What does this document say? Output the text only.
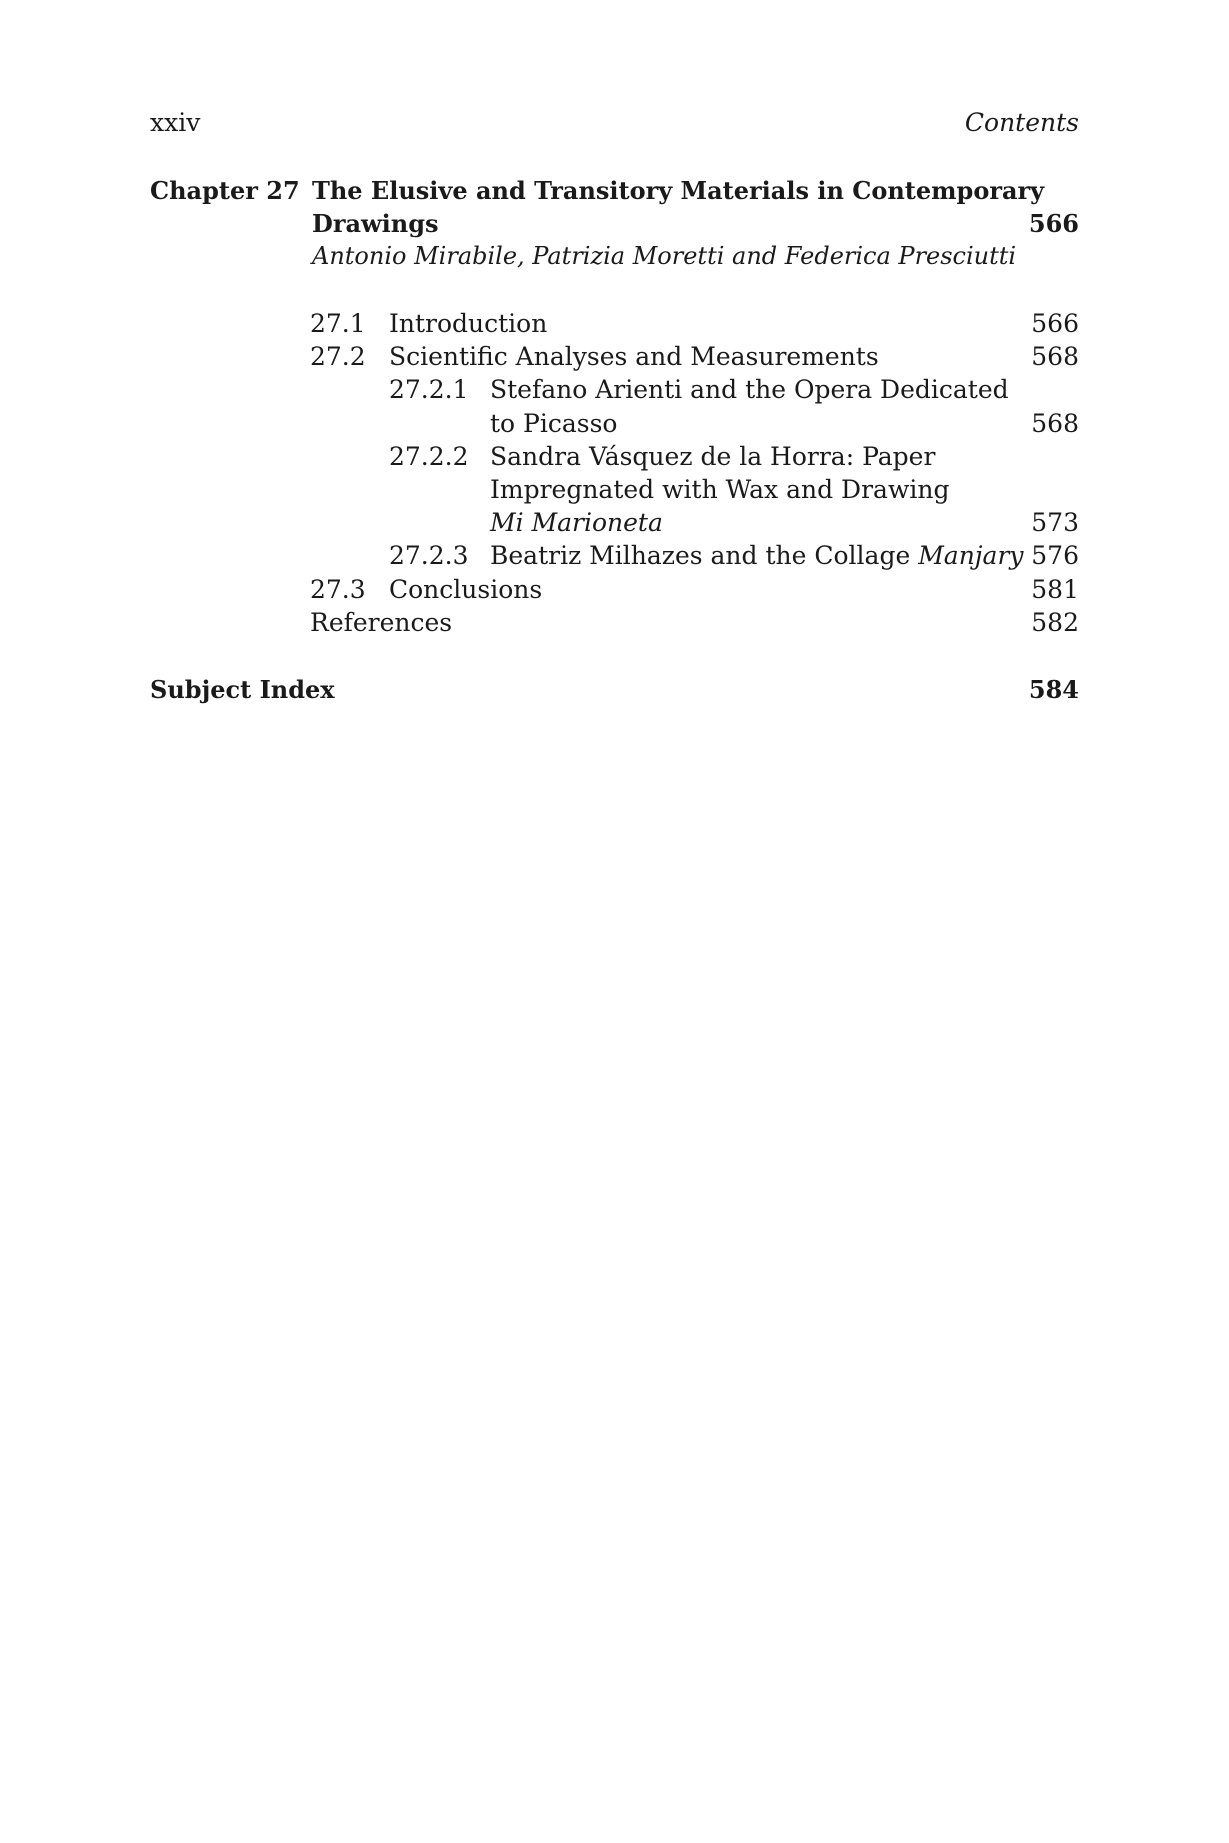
xxiv	Contents
Chapter 27 The Elusive and Transitory Materials in Contemporary
Drawings	566
Antonio Mirabile, Patrizia Moretti and Federica Presciutti
27.1 Introduction	566
27.2 Scientific Analyses and Measurements	568
27.2.1 Stefano Arienti and the Opera Dedicated
to Picasso	568
27.2.2 Sandra Vásquez de la Horra: Paper
Impregnated with Wax and Drawing
Mi Marioneta	573
27.2.3 Beatriz Milhazes and the Collage Manjary 576
27.3 Conclusions	581
References	582
Subject Index	584
